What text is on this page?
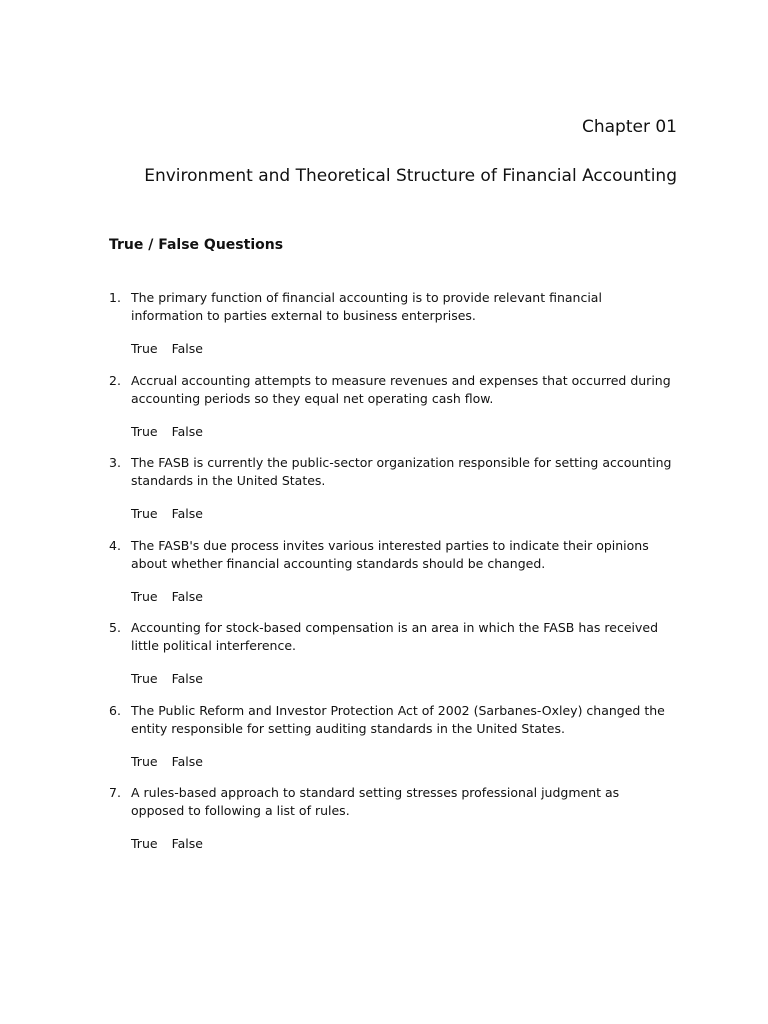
Chapter 01
Environment and Theoretical Structure of Financial Accounting
True / False Questions
1. The primary function of financial accounting is to provide relevant financial
information to parties external to business enterprises.
True False
2. Accrual accounting attempts to measure revenues and expenses that occurred during
accounting periods so they equal net operating cash flow.
True False
3. The FASB is currently the public-sector organization responsible for setting accounting
standards in the United States.
True False
4. The FASB's due process invites various interested parties to indicate their opinions
about whether financial accounting standards should be changed.
True False
5. Accounting for stock-based compensation is an area in which the FASB has received
little political interference.
True False
6. The Public Reform and Investor Protection Act of 2002 (Sarbanes-Oxley) changed the
entity responsible for setting auditing standards in the United States.
True False
7. A rules-based approach to standard setting stresses professional judgment as
opposed to following a list of rules.
True False
